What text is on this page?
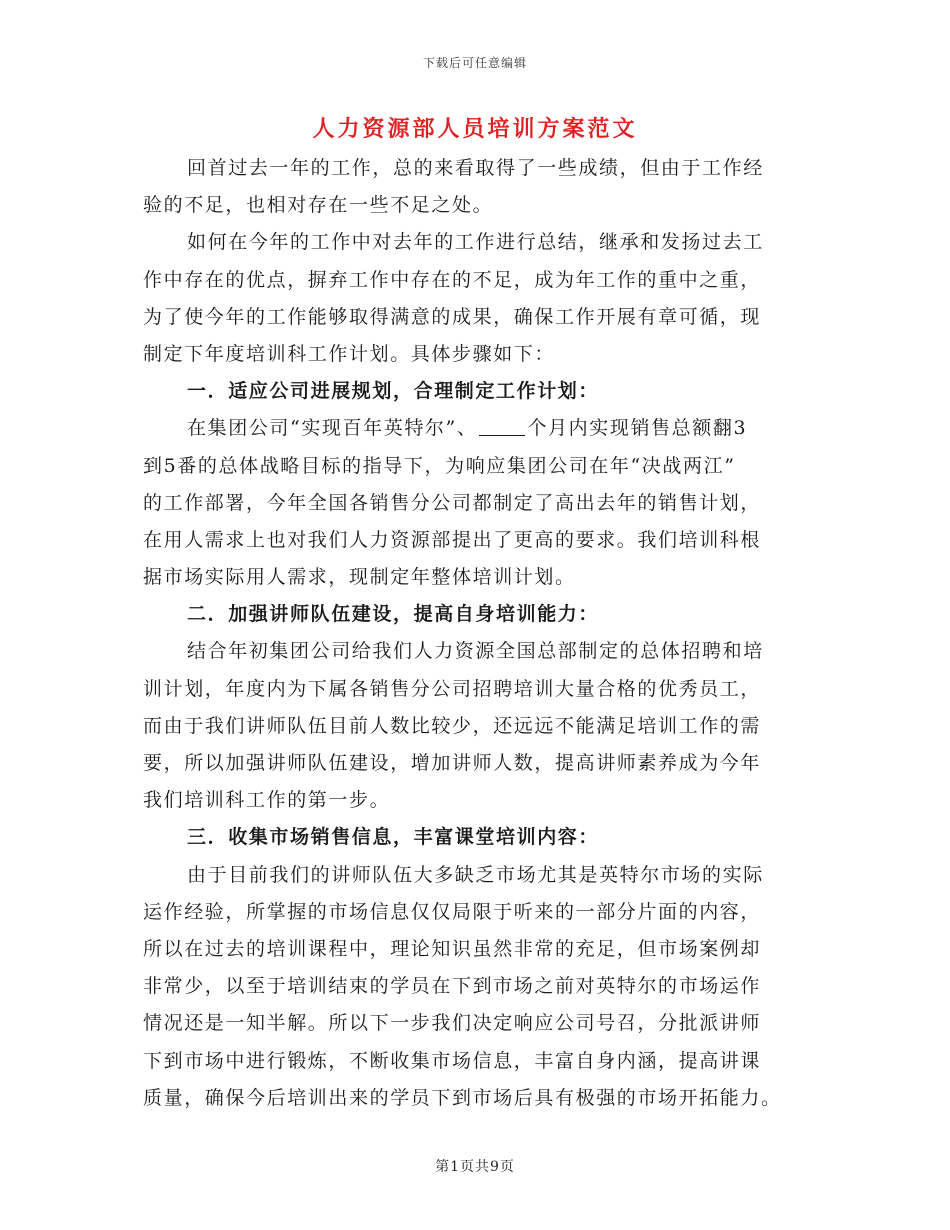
下载后可任意编辑
人力资源部人员培训方案范文
回首过去一年的工作，总的来看取得了一些成绩，但由于工作经
验的不足，也相对存在一些不足之处。
如何在今年的工作中对去年的工作进行总结，继承和发扬过去工
作中存在的优点，摒弃工作中存在的不足，成为年工作的重中之重，
为了使今年的工作能够取得满意的成果，确保工作开展有章可循，现
制定下年度培训科工作计划。具体步骤如下：
一．适应公司进展规划，合理制定工作计划：
在集团公司“实现百年英特尔”、	个月内实现销售总额翻3
到5番的总体战略目标的指导下，为响应集团公司在年“决战两江”
的工作部署，今年全国各销售分公司都制定了高出去年的销售计划，
在用人需求上也对我们人力资源部提出了更高的要求。我们培训科根
据市场实际用人需求，现制定年整体培训计划。
二．加强讲师队伍建设，提高自身培训能力：
结合年初集团公司给我们人力资源全国总部制定的总体招聘和培
训计划，年度内为下属各销售分公司招聘培训大量合格的优秀员工，
而由于我们讲师队伍目前人数比较少，还远远不能满足培训工作的需
要，所以加强讲师队伍建设，增加讲师人数，提高讲师素养成为今年
我们培训科工作的第一步。
三．收集市场销售信息，丰富课堂培训内容：
由于目前我们的讲师队伍大多缺乏市场尤其是英特尔市场的实际
运作经验，所掌握的市场信息仅仅局限于听来的一部分片面的内容，
所以在过去的培训课程中，理论知识虽然非常的充足，但市场案例却
非常少，以至于培训结束的学员在下到市场之前对英特尔的市场运作
情况还是一知半解。所以下一步我们决定响应公司号召，分批派讲师
下到市场中进行锻炼，不断收集市场信息，丰富自身内涵，提高讲课
质量，确保今后培训出来的学员下到市场后具有极强的市场开拓能力。
第1页共9页
